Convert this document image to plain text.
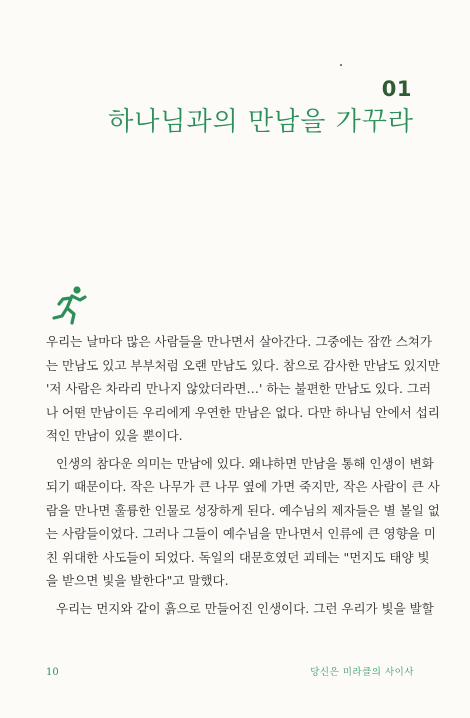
01
하나님과의 만남을 가꾸라
우리는 날마다 많은 사람들을 만나면서 살아간다. 그중에는 잠깐 스쳐가
는 만남도 있고 부부처럼 오랜 만남도 있다. 참으로 감사한 만남도 있지만
'저 사람은 차라리 만나지 않았더라면…' 하는 불편한 만남도 있다. 그러
나 어떤 만남이든 우리에게 우연한 만남은 없다. 다만 하나님 안에서 섭리
적인 만남이 있을 뿐이다.
인생의 참다운 의미는 만남에 있다. 왜냐하면 만남을 통해 인생이 변화
되기 때문이다. 작은 나무가 큰 나무 옆에 가면 죽지만, 작은 사람이 큰 사
람을 만나면 훌륭한 인물로 성장하게 된다. 예수님의 제자들은 별 볼일 없
는 사람들이었다. 그러나 그들이 예수님을 만나면서 인류에 큰 영향을 미
친 위대한 사도들이 되었다. 독일의 대문호였던 괴테는 "먼지도 태양 빛
을 받으면 빛을 발한다"고 말했다.
우리는 먼지와 같이 흙으로 만들어진 인생이다. 그런 우리가 빛을 발할
10	당신은 미라클의 사이사
